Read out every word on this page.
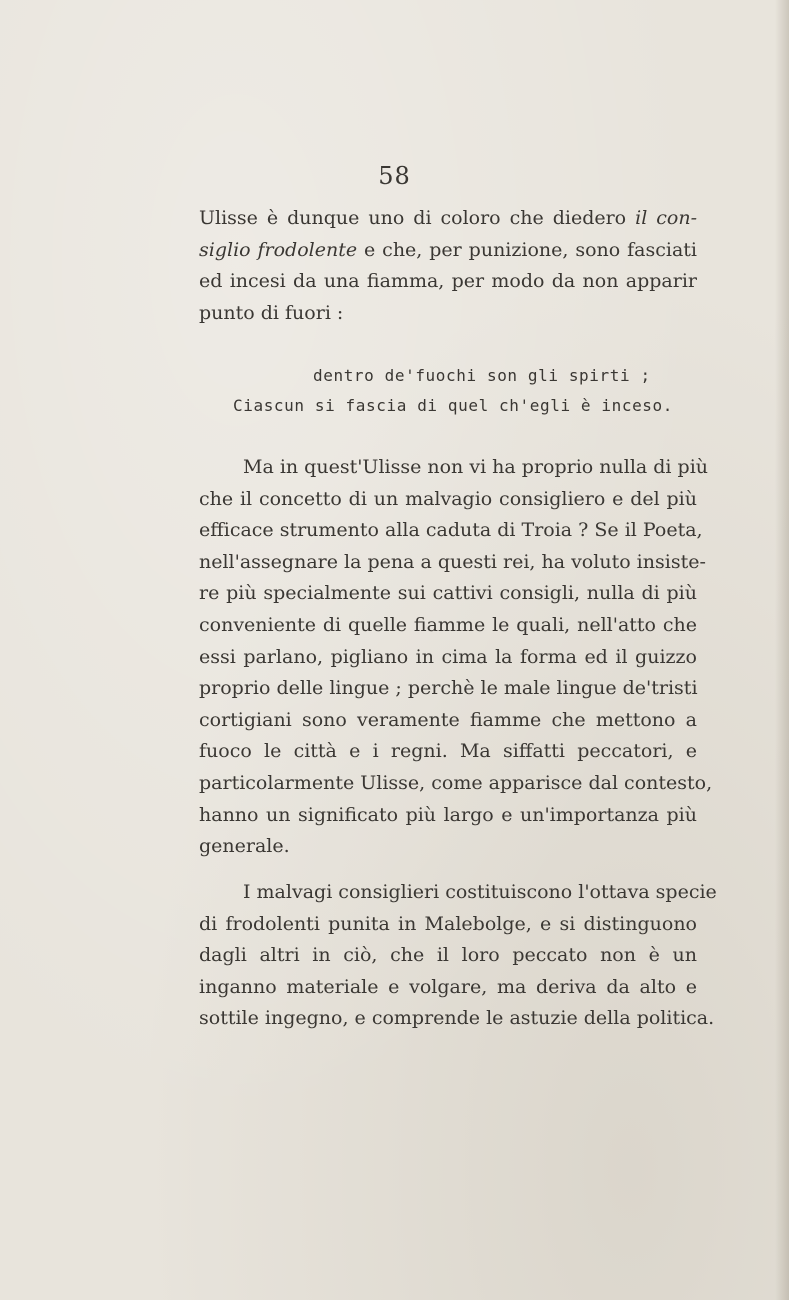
58
Ulisse è dunque uno di coloro che diedero il con-
siglio frodolente e che, per punizione, sono fasciati
ed incesi da una fiamma, per modo da non apparir
punto di fuori :
dentro de'fuochi son gli spirti ;
Ciascun si fascia di quel ch'egli è inceso.
Ma in quest'Ulisse non vi ha proprio nulla di più
che il concetto di un malvagio consigliero e del più
efficace strumento alla caduta di Troia ? Se il Poeta,
nell'assegnare la pena a questi rei, ha voluto insiste-
re più specialmente sui cattivi consigli, nulla di più
conveniente di quelle fiamme le quali, nell'atto che
essi parlano, pigliano in cima la forma ed il guizzo
proprio delle lingue ; perchè le male lingue de'tristi
cortigiani sono veramente fiamme che mettono a
fuoco le città e i regni. Ma siffatti peccatori, e
particolarmente Ulisse, come apparisce dal contesto,
hanno un significato più largo e un'importanza più
generale.
I malvagi consiglieri costituiscono l'ottava specie
di frodolenti punita in Malebolge, e si distinguono
dagli altri in ciò, che il loro peccato non è un
inganno materiale e volgare, ma deriva da alto e
sottile ingegno, e comprende le astuzie della politica.
